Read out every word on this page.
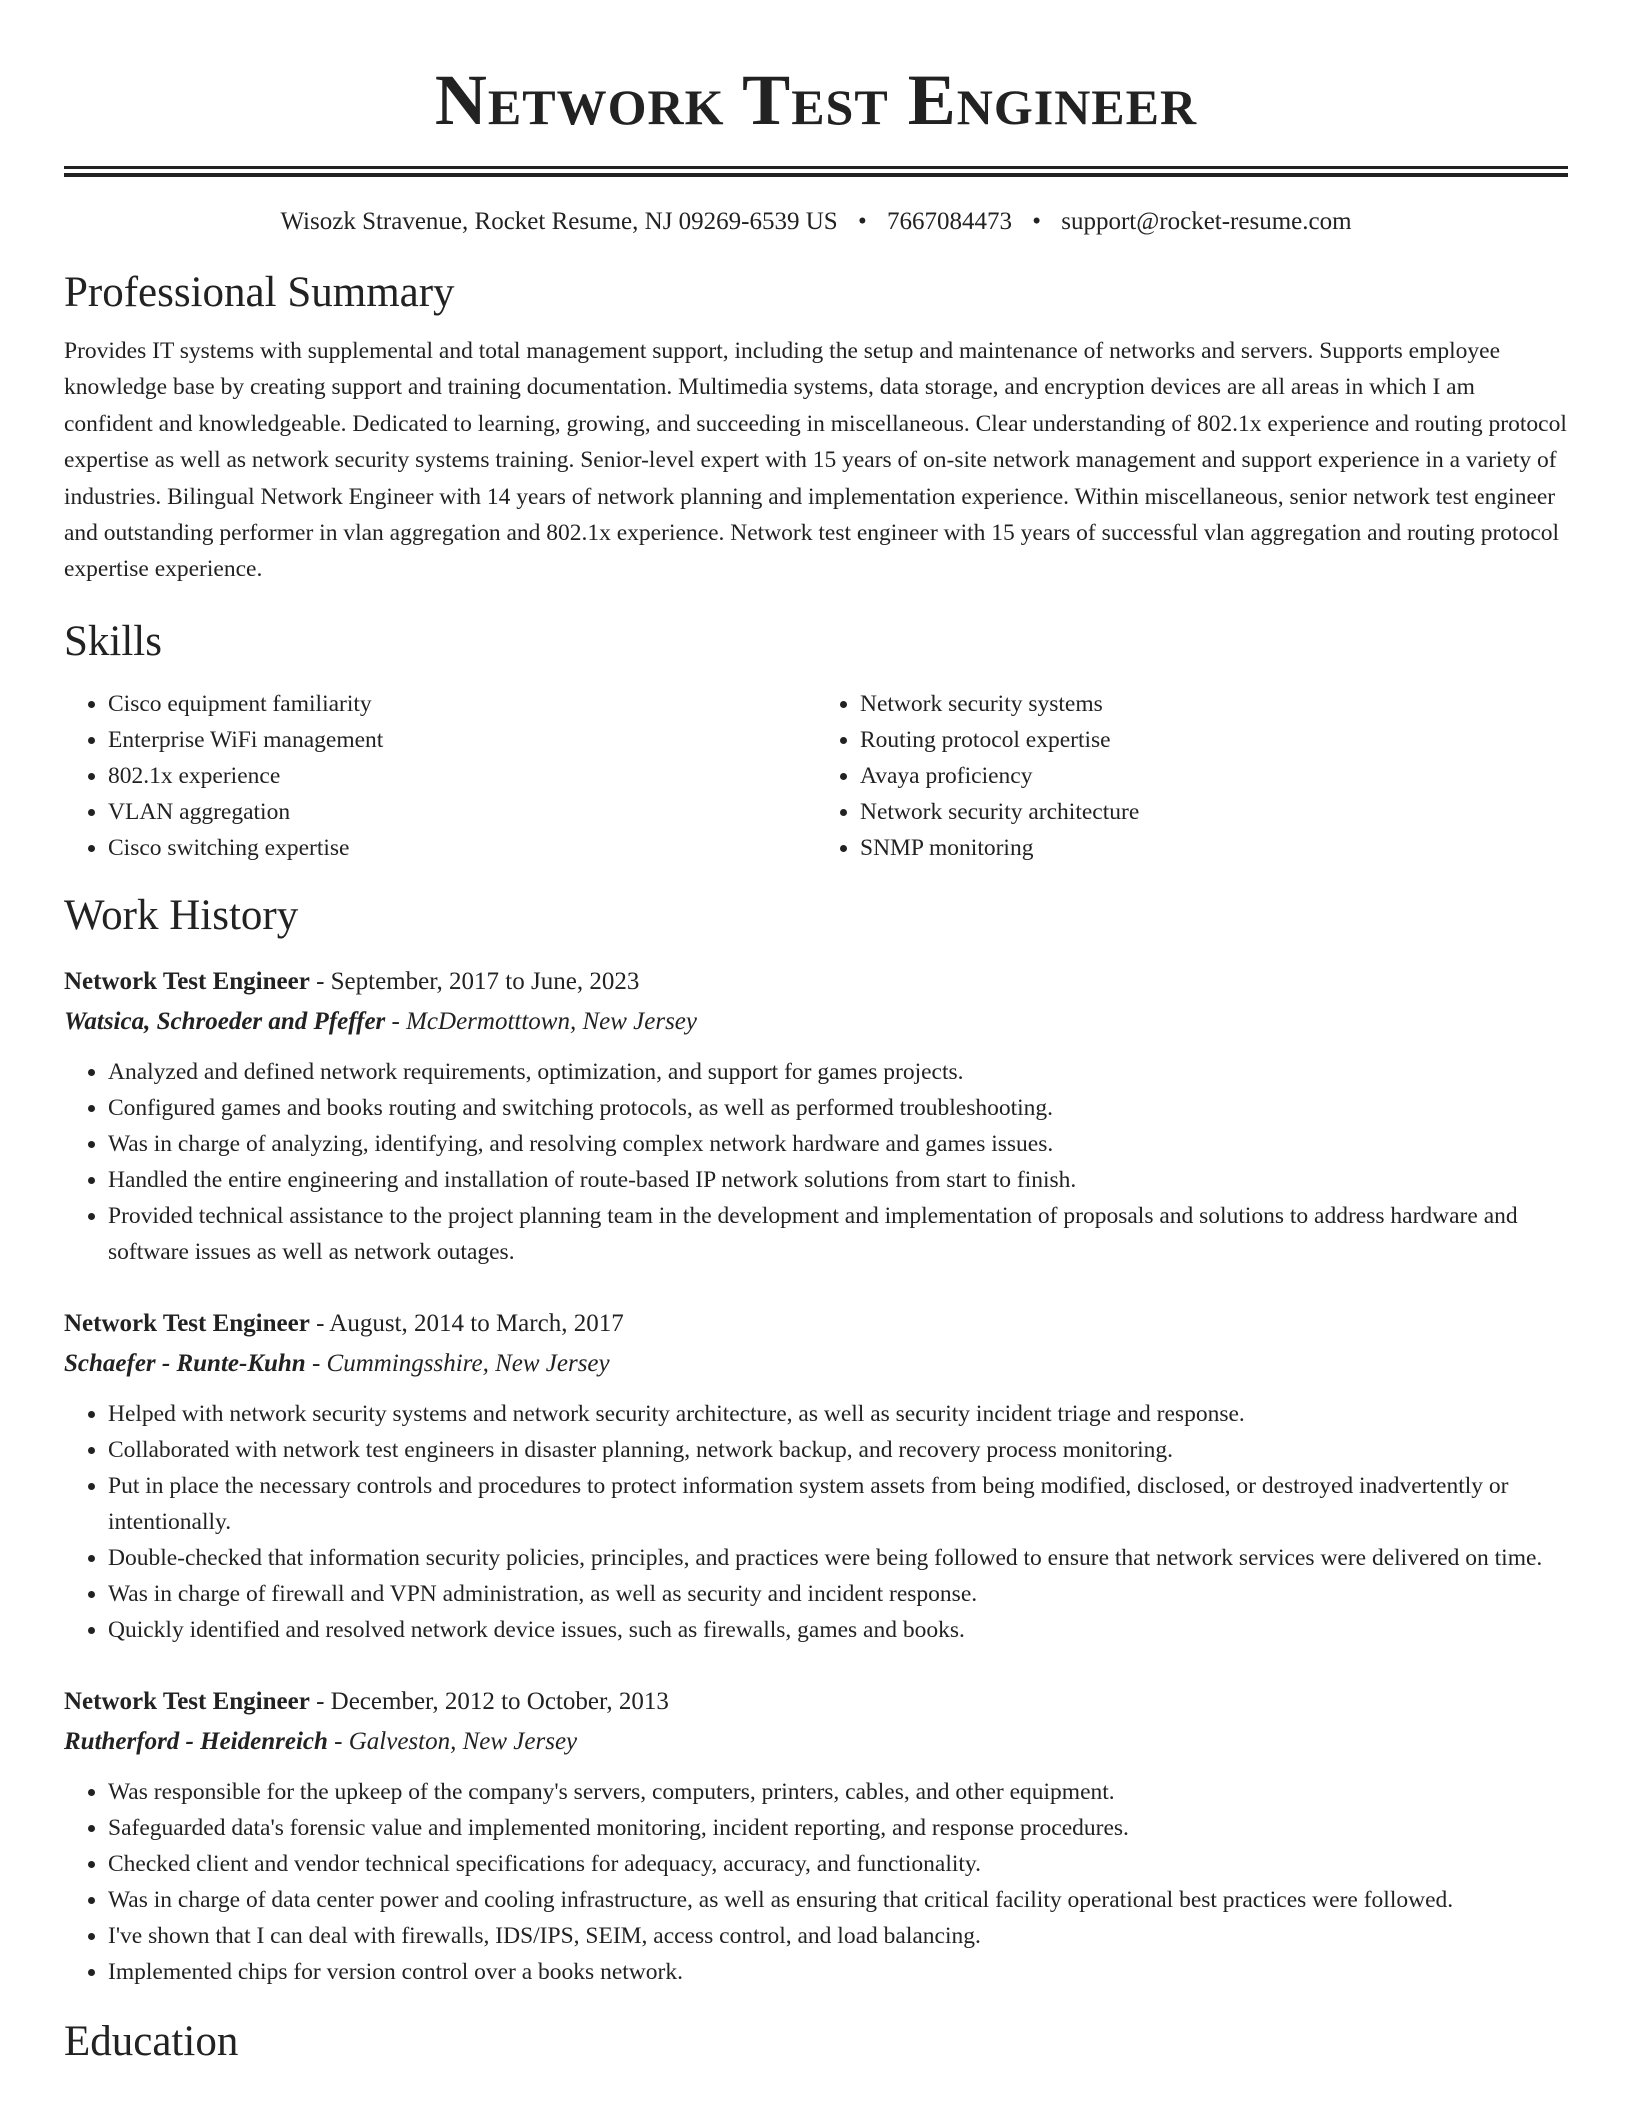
Network Test Engineer
Wisozk Stravenue, Rocket Resume, NJ 09269-6539 US • 7667084473 • support@rocket-resume.com
Professional Summary

Provides IT systems with supplemental and total management support, including the setup and maintenance of networks and servers. Supports employee knowledge base by creating support and training documentation. Multimedia systems, data storage, and encryption devices are all areas in which I am confident and knowledgeable. Dedicated to learning, growing, and succeeding in miscellaneous. Clear understanding of 802.1x experience and routing protocol expertise as well as network security systems training. Senior-level expert with 15 years of on-site network management and support experience in a variety of industries. Bilingual Network Engineer with 14 years of network planning and implementation experience. Within miscellaneous, senior network test engineer and outstanding performer in vlan aggregation and 802.1x experience. Network test engineer with 15 years of successful vlan aggregation and routing protocol expertise experience.

Skills
• Cisco equipment familiarity
• Enterprise WiFi management
• 802.1x experience
• VLAN aggregation
• Cisco switching expertise
• Network security systems
• Routing protocol expertise
• Avaya proficiency
• Network security architecture
• SNMP monitoring
Work History
Network Test Engineer - September, 2017 to June, 2023
Watsica, Schroeder and Pfeffer - McDermotttown, New Jersey
• Analyzed and defined network requirements, optimization, and support for games projects.
• Configured games and books routing and switching protocols, as well as performed troubleshooting.
• Was in charge of analyzing, identifying, and resolving complex network hardware and games issues.
• Handled the entire engineering and installation of route-based IP network solutions from start to finish.
• Provided technical assistance to the project planning team in the development and implementation of proposals and solutions to address hardware and software issues as well as network outages.
Network Test Engineer - August, 2014 to March, 2017
Schaefer - Runte-Kuhn - Cummingsshire, New Jersey
• Helped with network security systems and network security architecture, as well as security incident triage and response.
• Collaborated with network test engineers in disaster planning, network backup, and recovery process monitoring.
• Put in place the necessary controls and procedures to protect information system assets from being modified, disclosed, or destroyed inadvertently or intentionally.
• Double-checked that information security policies, principles, and practices were being followed to ensure that network services were delivered on time.
• Was in charge of firewall and VPN administration, as well as security and incident response.
• Quickly identified and resolved network device issues, such as firewalls, games and books.
Network Test Engineer - December, 2012 to October, 2013
Rutherford - Heidenreich - Galveston, New Jersey
• Was responsible for the upkeep of the company's servers, computers, printers, cables, and other equipment.
• Safeguarded data's forensic value and implemented monitoring, incident reporting, and response procedures.
• Checked client and vendor technical specifications for adequacy, accuracy, and functionality.
• Was in charge of data center power and cooling infrastructure, as well as ensuring that critical facility operational best practices were followed.
• I've shown that I can deal with firewalls, IDS/IPS, SEIM, access control, and load balancing.
• Implemented chips for version control over a books network.
Education
